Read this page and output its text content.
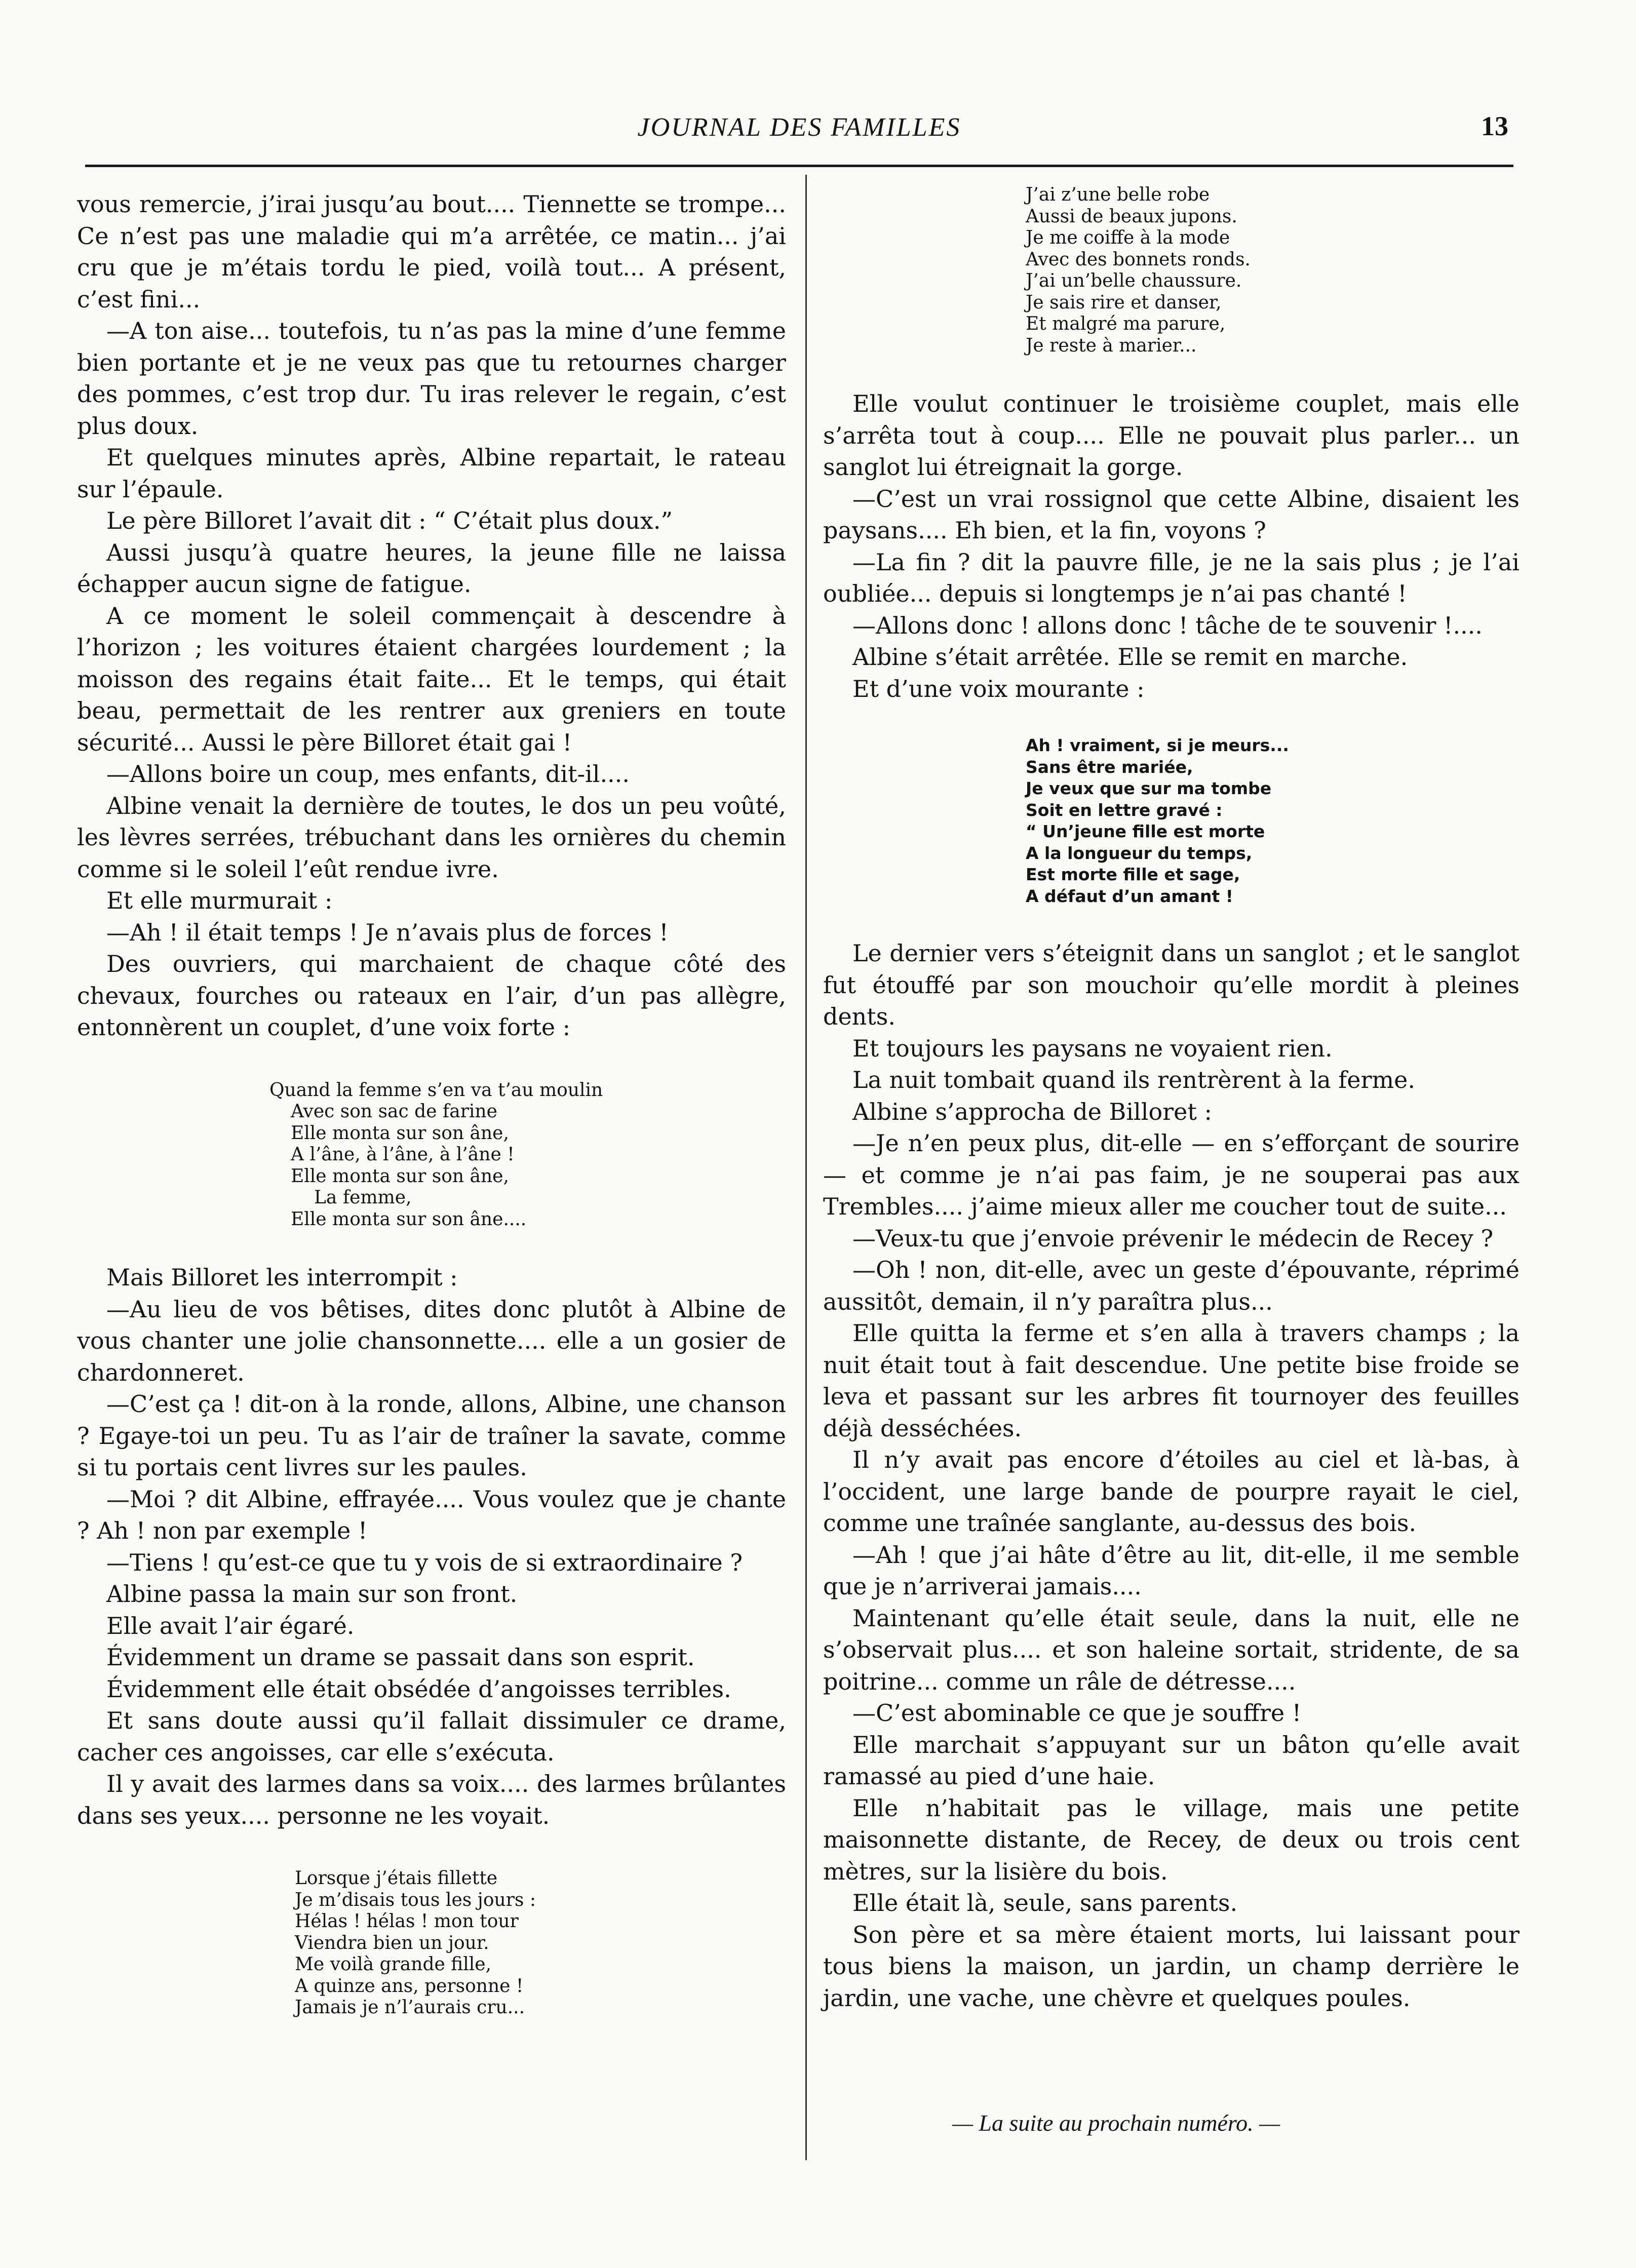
JOURNAL DES FAMILLES	13

vous remercie, j’irai jusqu’au bout.... Tiennette se trompe... Ce n’est pas une maladie qui m’a arrêtée, ce matin... j’ai cru que je m’étais tordu le pied, voilà tout... A présent, c’est fini...

—A ton aise... toutefois, tu n’as pas la mine d’une femme bien portante et je ne veux pas que tu retournes charger des pommes, c’est trop dur. Tu iras relever le regain, c’est plus doux.

Et quelques minutes après, Albine repartait, le rateau sur l’épaule.

Le père Billoret l’avait dit : “ C’était plus doux.”

Aussi jusqu’à quatre heures, la jeune fille ne laissa échapper aucun signe de fatigue.

A ce moment le soleil commençait à descendre à l’horizon ; les voitures étaient chargées lourdement ; la moisson des regains était faite... Et le temps, qui était beau, permettait de les rentrer aux greniers en toute sécurité... Aussi le père Billoret était gai !

—Allons boire un coup, mes enfants, dit-il....

Albine venait la dernière de toutes, le dos un peu voûté, les lèvres serrées, trébuchant dans les ornières du chemin comme si le soleil l’eût rendue ivre.

Et elle murmurait :

—Ah ! il était temps ! Je n’avais plus de forces !

Des ouvriers, qui marchaient de chaque côté des chevaux, fourches ou rateaux en l’air, d’un pas allègre, entonnèrent un couplet, d’une voix forte :

Quand la femme s’en va t’au moulin
Avec son sac de farine
Elle monta sur son âne,
A l’âne, à l’âne, à l’âne !
Elle monta sur son âne,
La femme,
Elle monta sur son âne....

Mais Billoret les interrompit :

—Au lieu de vos bêtises, dites donc plutôt à Albine de vous chanter une jolie chansonnette.... elle a un gosier de chardonneret.

—C’est ça ! dit-on à la ronde, allons, Albine, une chanson ? Egaye-toi un peu. Tu as l’air de traîner la savate, comme si tu portais cent livres sur les paules.

—Moi ? dit Albine, effrayée.... Vous voulez que je chante ? Ah ! non par exemple !

—Tiens ! qu’est-ce que tu y vois de si extraordinaire ?

Albine passa la main sur son front.

Elle avait l’air égaré.

Évidemment un drame se passait dans son esprit.

Évidemment elle était obsédée d’angoisses terribles.

Et sans doute aussi qu’il fallait dissimuler ce drame, cacher ces angoisses, car elle s’exécuta.

Il y avait des larmes dans sa voix.... des larmes brûlantes dans ses yeux.... personne ne les voyait.

Lorsque j’étais fillette
Je m’disais tous les jours :
Hélas ! hélas ! mon tour
Viendra bien un jour.
Me voilà grande fille,
A quinze ans, personne !
Jamais je n’l’aurais cru...
J’ai z’une belle robe
Aussi de beaux jupons.
Je me coiffe à la mode
Avec des bonnets ronds.
J’ai un’belle chaussure.
Je sais rire et danser,
Et malgré ma parure,
Je reste à marier...

Elle voulut continuer le troisième couplet, mais elle s’arrêta tout à coup.... Elle ne pouvait plus parler... un sanglot lui étreignait la gorge.

—C’est un vrai rossignol que cette Albine, disaient les paysans.... Eh bien, et la fin, voyons ?

—La fin ? dit la pauvre fille, je ne la sais plus ; je l’ai oubliée... depuis si longtemps je n’ai pas chanté !

—Allons donc ! allons donc ! tâche de te souvenir !....

Albine s’était arrêtée. Elle se remit en marche.

Et d’une voix mourante :

Ah ! vraiment, si je meurs...
Sans être mariée,
Je veux que sur ma tombe
Soit en lettre gravé :
“ Un’jeune fille est morte
A la longueur du temps,
Est morte fille et sage,
A défaut d’un amant !

Le dernier vers s’éteignit dans un sanglot ; et le sanglot fut étouffé par son mouchoir qu’elle mordit à pleines dents.

Et toujours les paysans ne voyaient rien.

La nuit tombait quand ils rentrèrent à la ferme.

Albine s’approcha de Billoret :

—Je n’en peux plus, dit-elle — en s’efforçant de sourire — et comme je n’ai pas faim, je ne souperai pas aux Trembles.... j’aime mieux aller me coucher tout de suite...

—Veux-tu que j’envoie prévenir le médecin de Recey ?

—Oh ! non, dit-elle, avec un geste d’épouvante, réprimé aussitôt, demain, il n’y paraîtra plus...

Elle quitta la ferme et s’en alla à travers champs ; la nuit était tout à fait descendue. Une petite bise froide se leva et passant sur les arbres fit tournoyer des feuilles déjà desséchées.

Il n’y avait pas encore d’étoiles au ciel et là-bas, à l’occident, une large bande de pourpre rayait le ciel, comme une traînée sanglante, au-dessus des bois.

—Ah ! que j’ai hâte d’être au lit, dit-elle, il me semble que je n’arriverai jamais....

Maintenant qu’elle était seule, dans la nuit, elle ne s’observait plus.... et son haleine sortait, stridente, de sa poitrine... comme un râle de détresse....

—C’est abominable ce que je souffre !

Elle marchait s’appuyant sur un bâton qu’elle avait ramassé au pied d’une haie.

Elle n’habitait pas le village, mais une petite maisonnette distante, de Recey, de deux ou trois cent mètres, sur la lisière du bois.

Elle était là, seule, sans parents.

Son père et sa mère étaient morts, lui laissant pour tous biens la maison, un jardin, un champ derrière le jardin, une vache, une chèvre et quelques poules.

— La suite au prochain numéro. —
